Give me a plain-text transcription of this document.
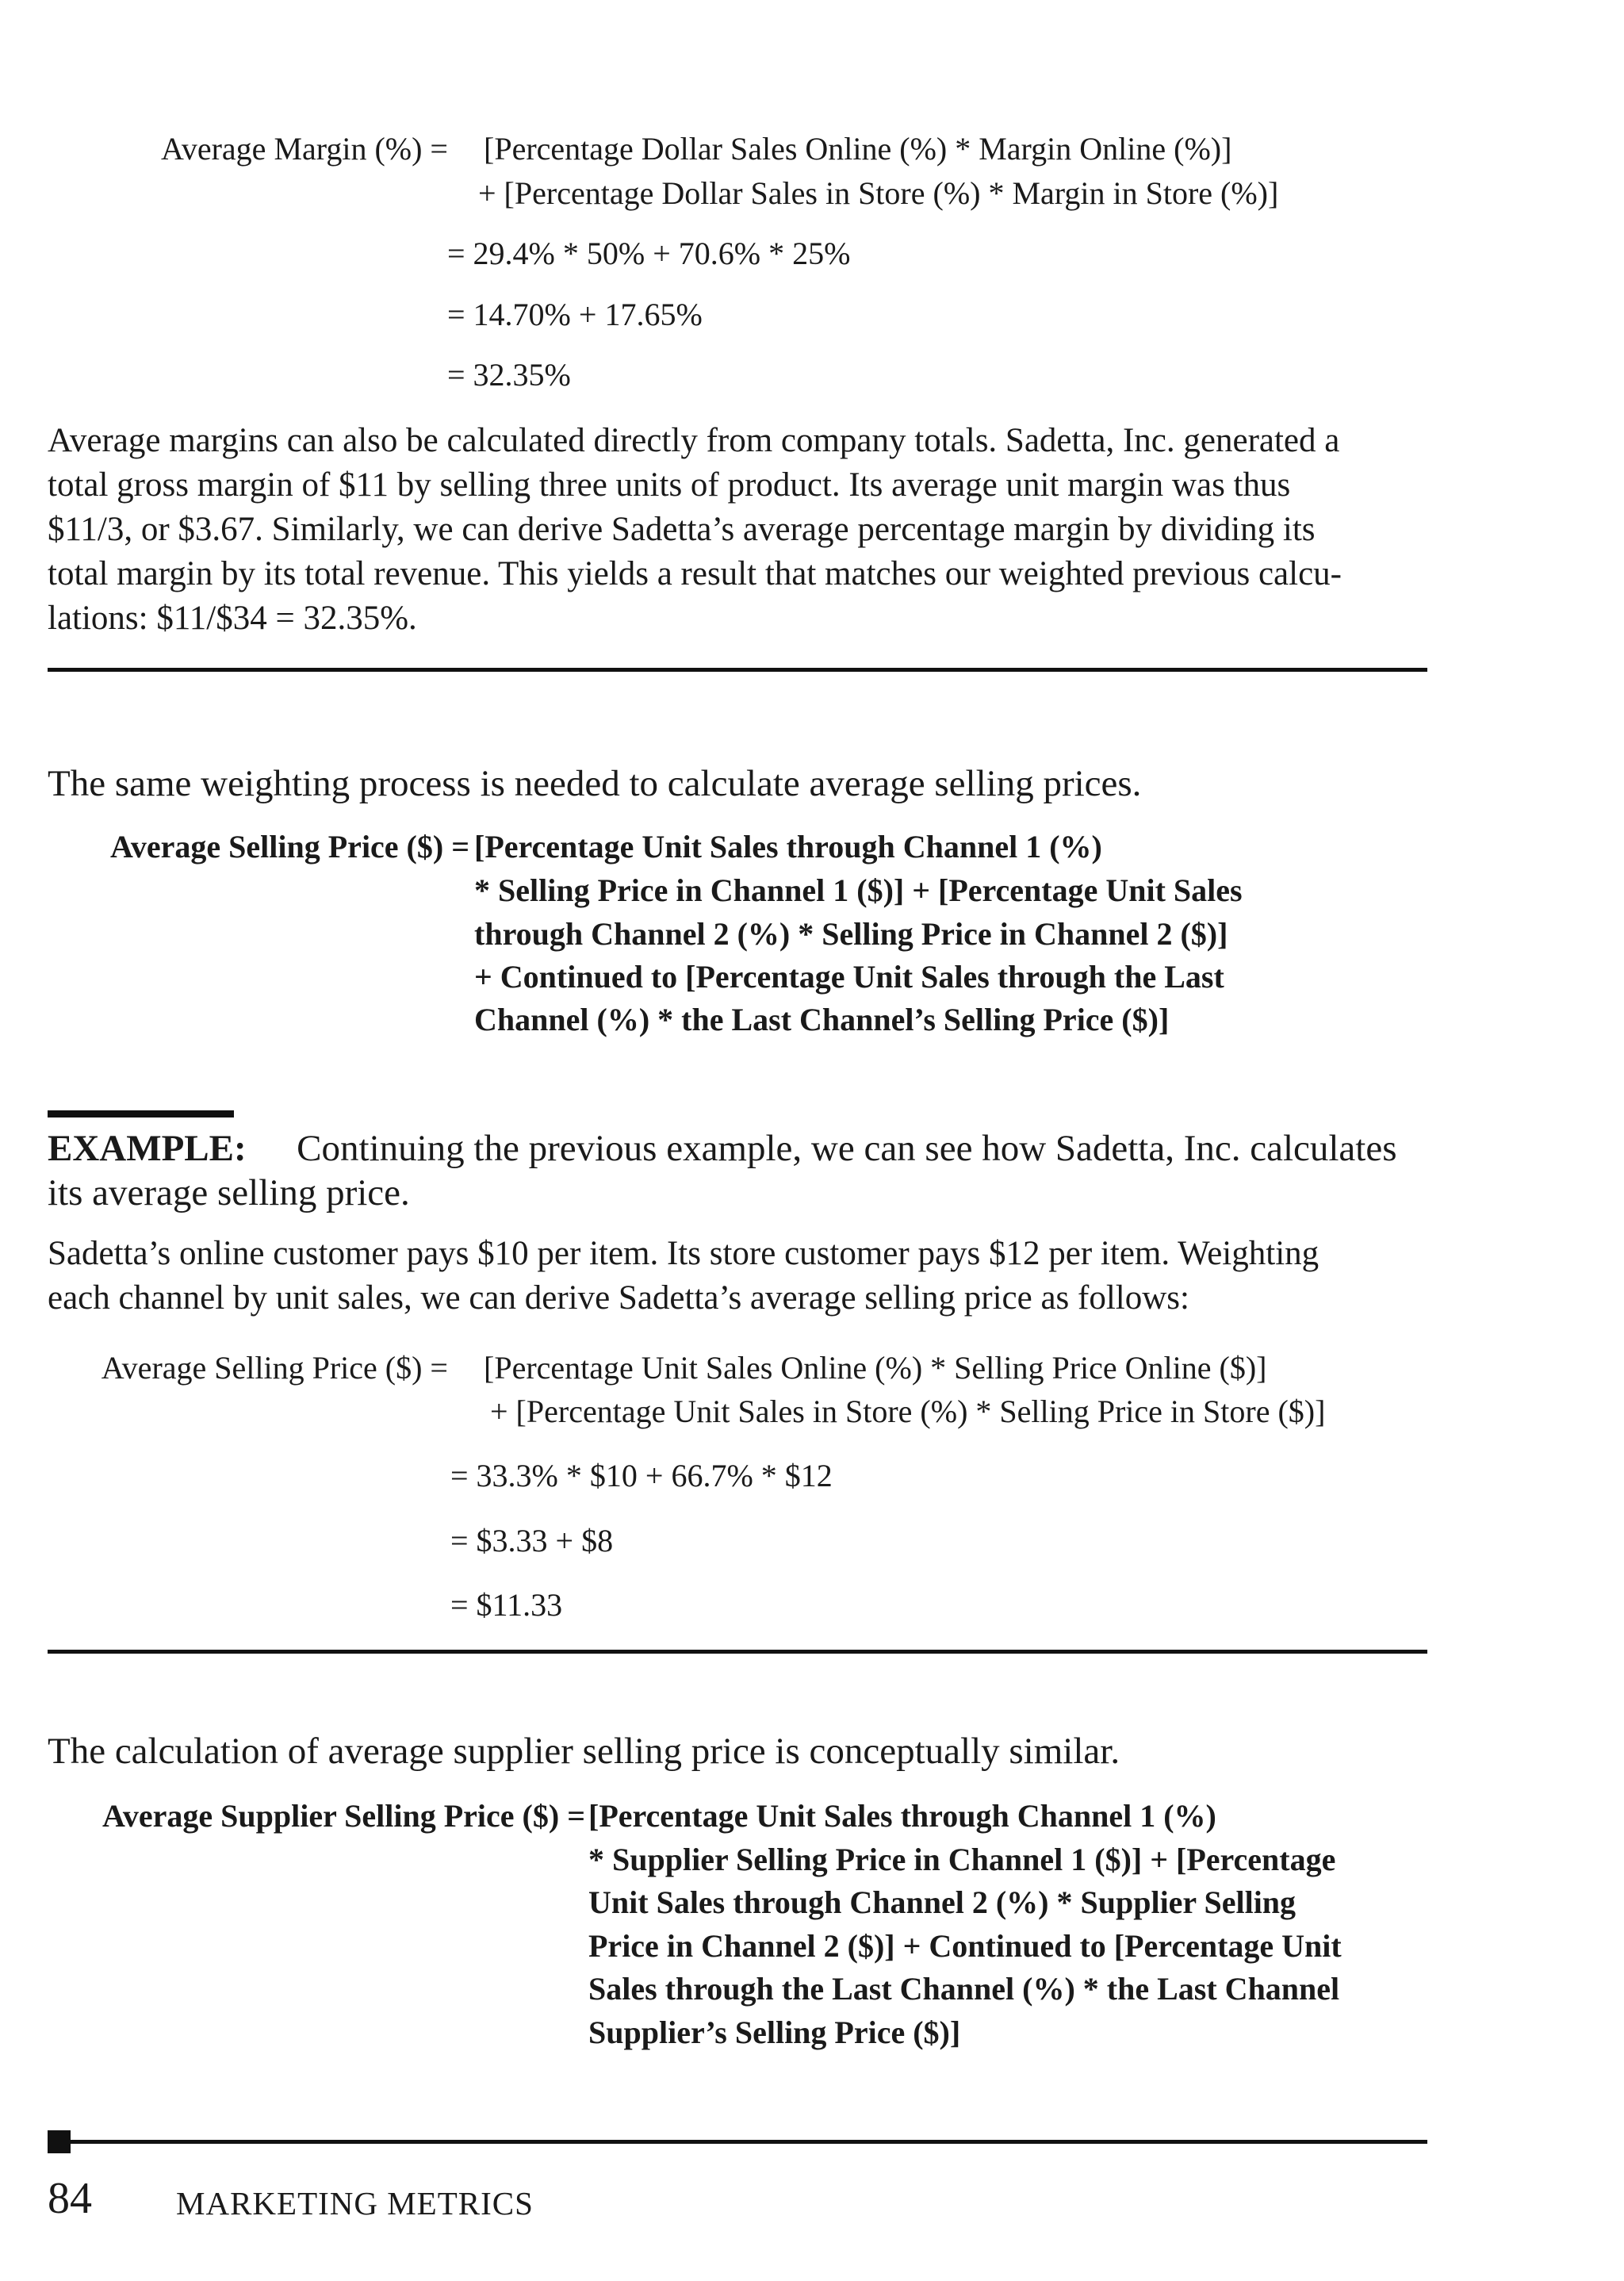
Average Margin (%) = [Percentage Dollar Sales Online (%) * Margin Online (%)]
+ [Percentage Dollar Sales in Store (%) * Margin in Store (%)]
= 29.4% * 50% + 70.6% * 25%
= 14.70% + 17.65%
= 32.35%
Average margins can also be calculated directly from company totals. Sadetta, Inc. generated a
total gross margin of $11 by selling three units of product. Its average unit margin was thus
$11/3, or $3.67. Similarly, we can derive Sadetta’s average percentage margin by dividing its
total margin by its total revenue. This yields a result that matches our weighted previous calcu-
lations: $11/$34 = 32.35%.
The same weighting process is needed to calculate average selling prices.
Average Selling Price ($) = [Percentage Unit Sales through Channel 1 (%)
* Selling Price in Channel 1 ($)] + [Percentage Unit Sales
through Channel 2 (%) * Selling Price in Channel 2 ($)]
+ Continued to [Percentage Unit Sales through the Last
Channel (%) * the Last Channel’s Selling Price ($)]
EXAMPLE: Continuing the previous example, we can see how Sadetta, Inc. calculates
its average selling price.
Sadetta’s online customer pays $10 per item. Its store customer pays $12 per item. Weighting
each channel by unit sales, we can derive Sadetta’s average selling price as follows:
Average Selling Price ($) = [Percentage Unit Sales Online (%) * Selling Price Online ($)]
+ [Percentage Unit Sales in Store (%) * Selling Price in Store ($)]
= 33.3% * $10 + 66.7% * $12
= $3.33 + $8
= $11.33
The calculation of average supplier selling price is conceptually similar.
Average Supplier Selling Price ($) = [Percentage Unit Sales through Channel 1 (%)
* Supplier Selling Price in Channel 1 ($)] + [Percentage
Unit Sales through Channel 2 (%) * Supplier Selling
Price in Channel 2 ($)] + Continued to [Percentage Unit
Sales through the Last Channel (%) * the Last Channel
Supplier’s Selling Price ($)]
84	MARKETING METRICS
